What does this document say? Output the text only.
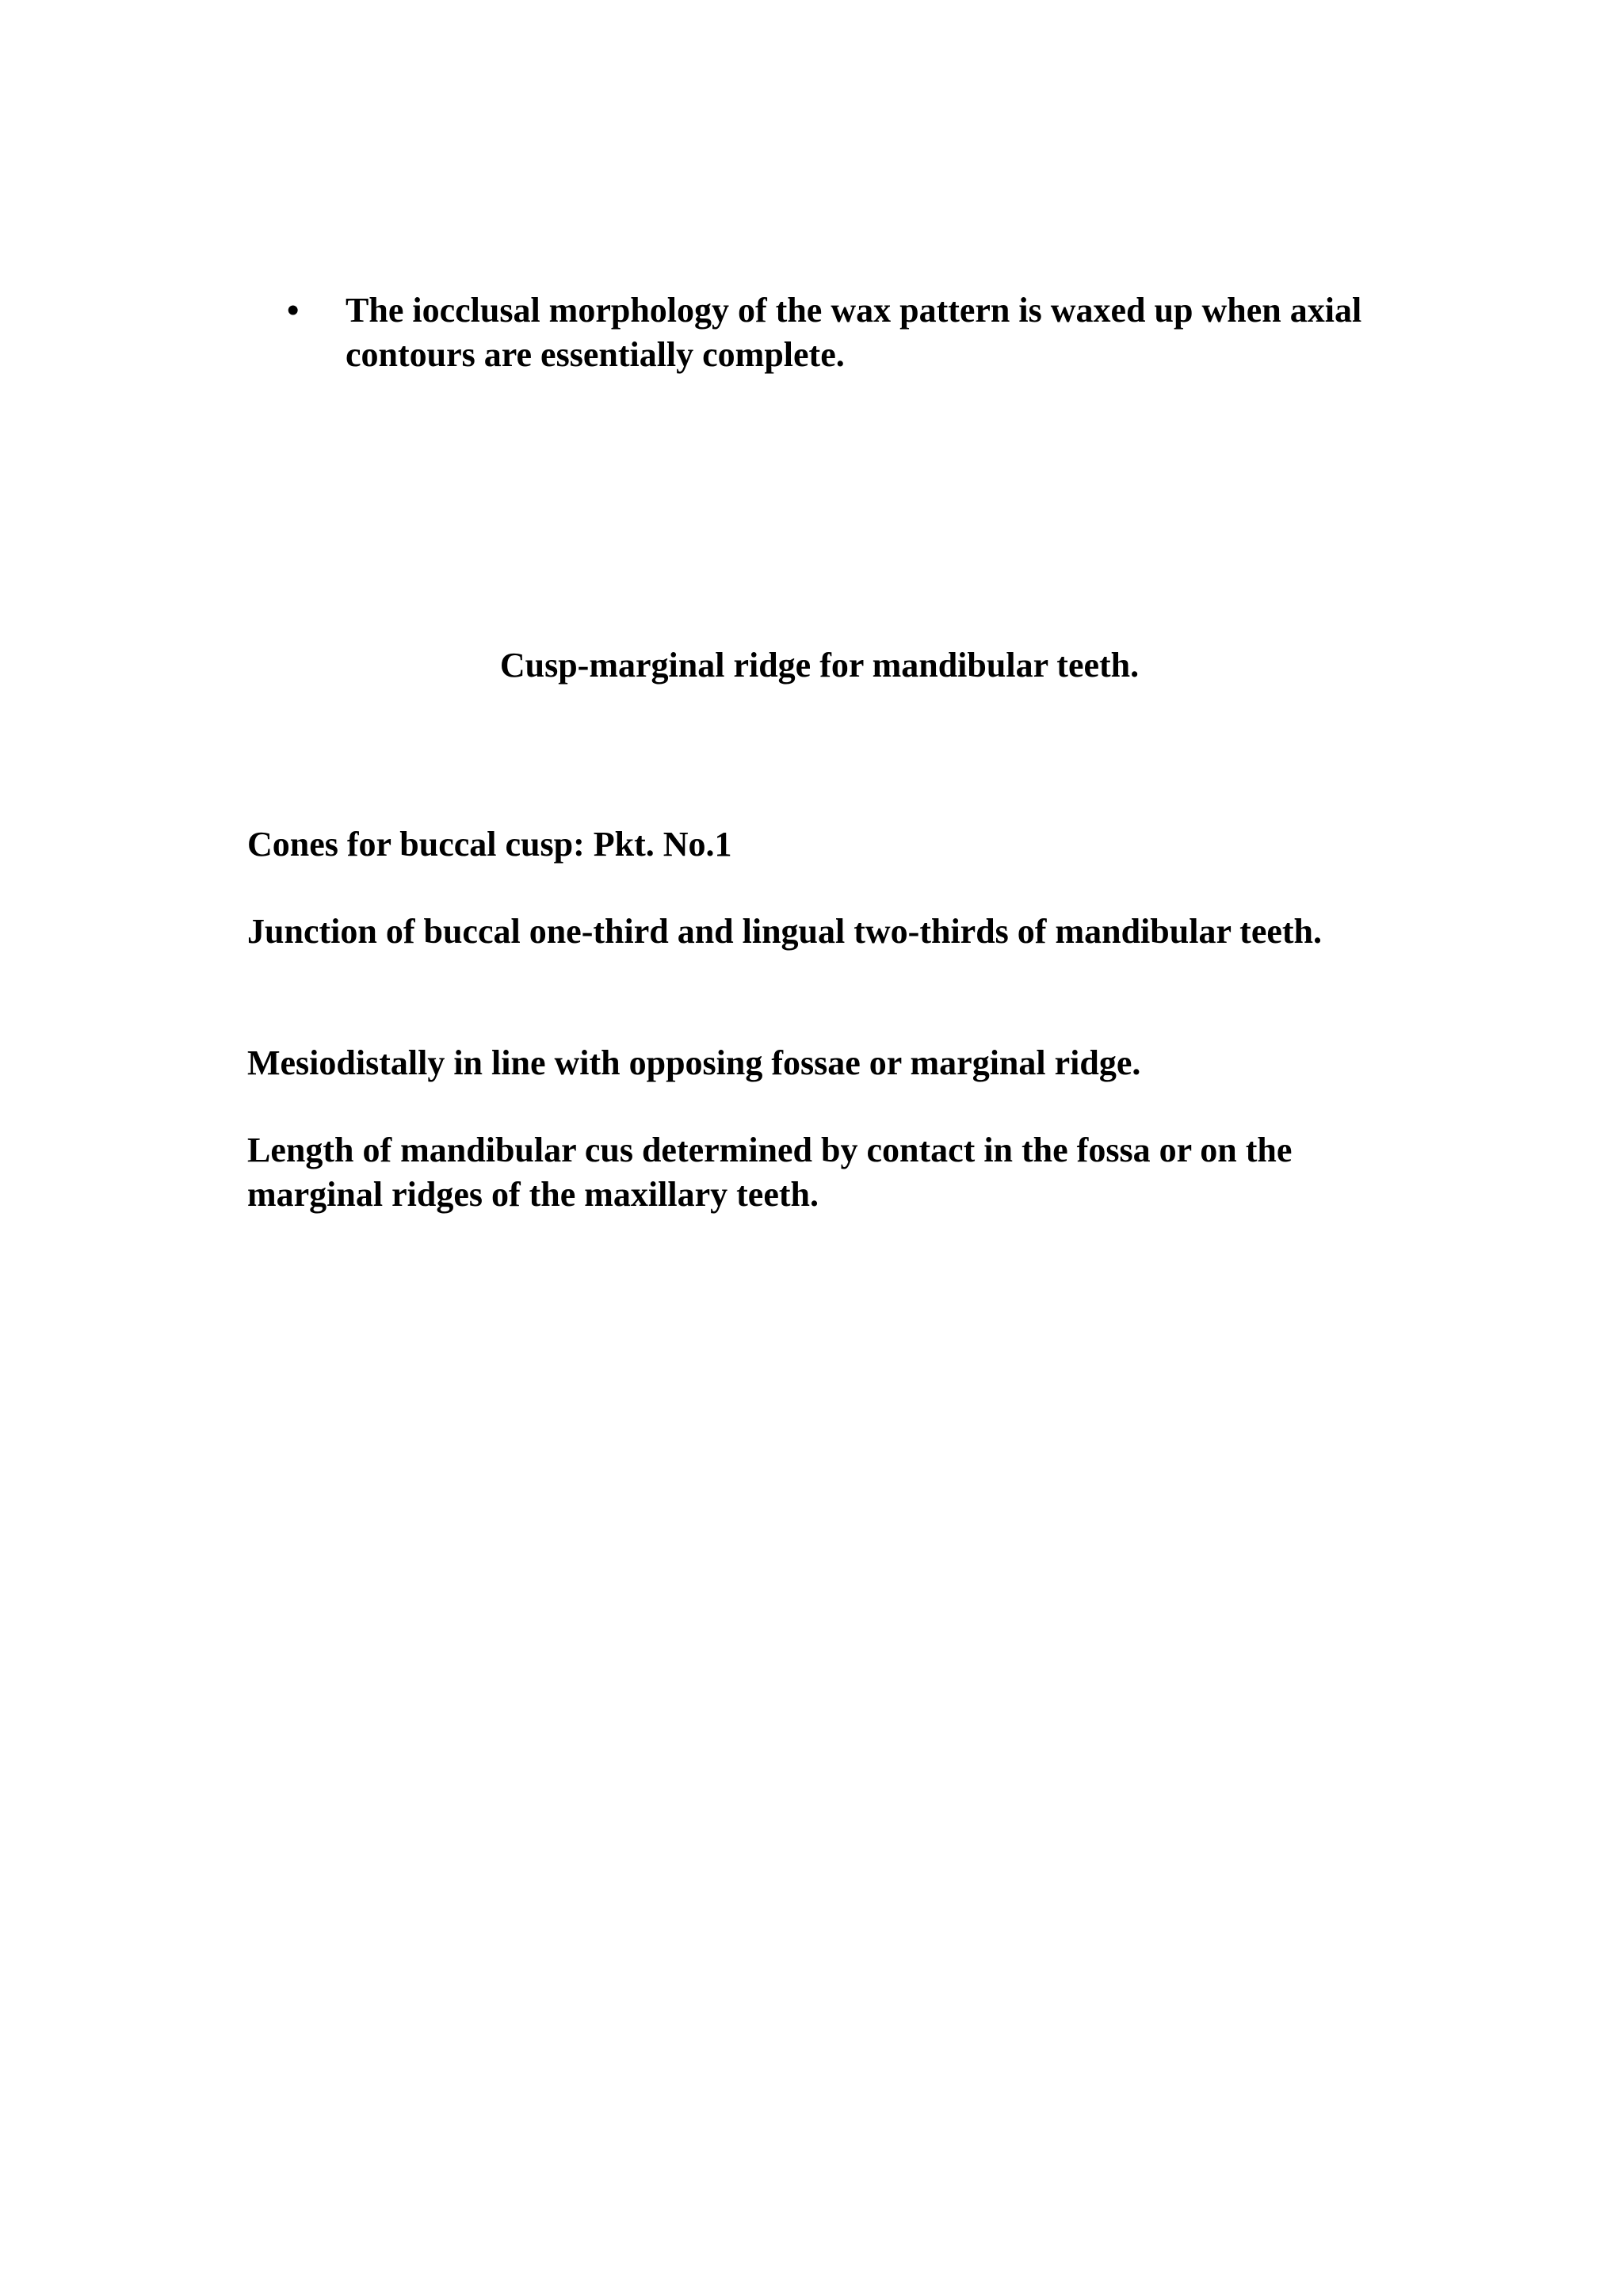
•	The iocclusal morphology of the wax pattern is waxed up when axial contours are essentially complete.

Cusp-marginal ridge for mandibular teeth.

Cones for buccal cusp: Pkt. No.1

Junction of buccal one-third and lingual two-thirds of mandibular teeth.

Mesiodistally in line with opposing fossae or marginal ridge.

Length of mandibular cus determined by contact in the fossa or on the marginal ridges of the maxillary teeth.
